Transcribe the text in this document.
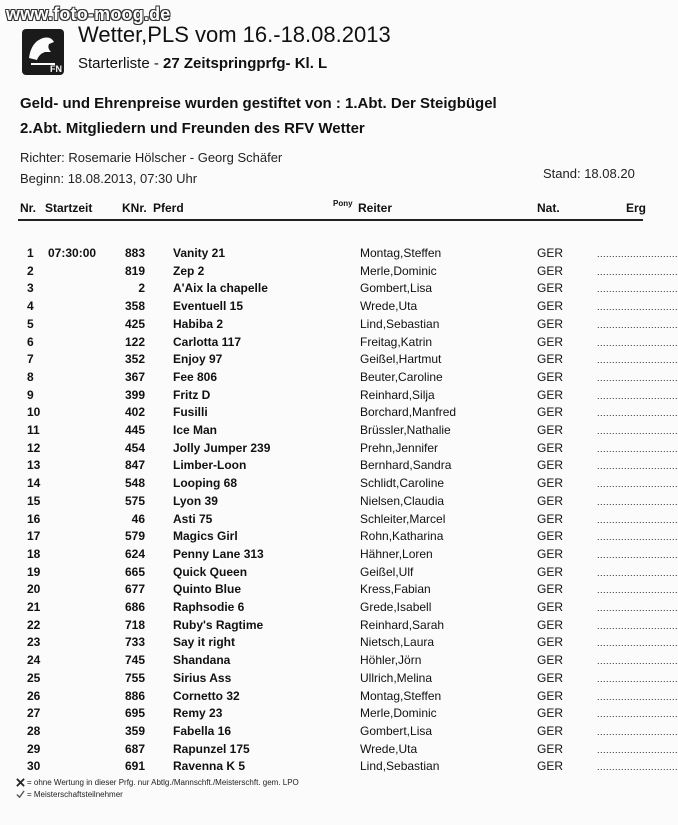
www.foto-moog.de
FN
Wetter,PLS vom 16.-18.08.2013
Starterliste - 27 Zeitspringprfg- Kl. L
Geld- und Ehrenpreise wurden gestiftet von : 1.Abt. Der Steigbügel
2.Abt. Mitgliedern und Freunden des RFV Wetter
Richter: Rosemarie Hölscher - Georg Schäfer
Beginn: 18.08.2013, 07:30 Uhr	Stand: 18.08.20
Nr. Startzeit KNr. Pferd	Pony Reiter	Nat.	Erg
1 07:30:00 883 Vanity 21	Montag,Steffen	GER	...........................
2	819 Zep 2	Merle,Dominic	GER	...........................
3	2 A'Aix la chapelle	Gombert,Lisa	GER	...........................
4	358 Eventuell 15	Wrede,Uta	GER	...........................
5	425 Habiba 2	Lind,Sebastian	GER	...........................
6	122 Carlotta 117	Freitag,Katrin	GER	...........................
7	352 Enjoy 97	Geißel,Hartmut	GER	...........................
8	367 Fee 806	Beuter,Caroline	GER	...........................
9	399 Fritz D	Reinhard,Silja	GER	...........................
10	402 Fusilli	Borchard,Manfred	GER	...........................
11	445 Ice Man	Brüssler,Nathalie	GER	...........................
12	454 Jolly Jumper 239	Prehn,Jennifer	GER	...........................
13	847 Limber-Loon	Bernhard,Sandra	GER	...........................
14	548 Looping 68	Schlidt,Caroline	GER	...........................
15	575 Lyon 39	Nielsen,Claudia	GER	...........................
16	46 Asti 75	Schleiter,Marcel	GER	...........................
17	579 Magics Girl	Rohn,Katharina	GER	...........................
18	624 Penny Lane 313	Hähner,Loren	GER	...........................
19	665 Quick Queen	Geißel,Ulf	GER	...........................
20	677 Quinto Blue	Kress,Fabian	GER	...........................
21	686 Raphsodie 6	Grede,Isabell	GER	...........................
22	718 Ruby's Ragtime	Reinhard,Sarah	GER	...........................
23	733 Say it right	Nietsch,Laura	GER	...........................
24	745 Shandana	Höhler,Jörn	GER	...........................
25	755 Sirius Ass	Ullrich,Melina	GER	...........................
26	886 Cornetto 32	Montag,Steffen	GER	...........................
27	695 Remy 23	Merle,Dominic	GER	...........................
28	359 Fabella 16	Gombert,Lisa	GER	...........................
29	687 Rapunzel 175	Wrede,Uta	GER	...........................
30	691 Ravenna K 5	Lind,Sebastian	GER	...........................
= ohne Wertung in dieser Prfg. nur Abtlg./Mannschft./Meisterschft. gem. LPO
= Meisterschaftsteilnehmer
